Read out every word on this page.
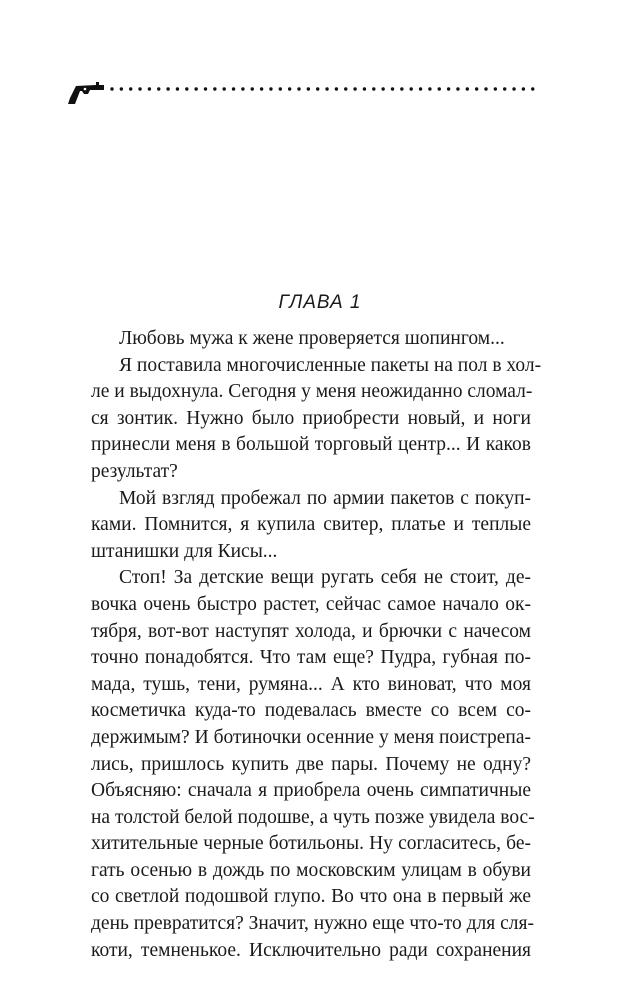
ГЛАВА 1
Любовь мужа к жене проверяется шопингом...
Я поставила многочисленные пакеты на пол в хол-
ле и выдохнула. Сегодня у меня неожиданно сломал-
ся зонтик. Нужно было приобрести новый, и ноги
принесли меня в большой торговый центр... И каков
результат?
Мой взгляд пробежал по армии пакетов с покуп-
ками. Помнится, я купила свитер, платье и теплые
штанишки для Кисы...
Стоп! За детские вещи ругать себя не стоит, де-
вочка очень быстро растет, сейчас самое начало ок-
тября, вот-вот наступят холода, и брючки с начесом
точно понадобятся. Что там еще? Пудра, губная по-
мада, тушь, тени, румяна... А кто виноват, что моя
косметичка куда-то подевалась вместе со всем со-
держимым? И ботиночки осенние у меня поистрепа-
лись, пришлось купить две пары. Почему не одну?
Объясняю: сначала я приобрела очень симпатичные
на толстой белой подошве, а чуть позже увидела вос-
хитительные черные ботильоны. Ну согласитесь, бе-
гать осенью в дождь по московским улицам в обуви
со светлой подошвой глупо. Во что она в первый же
день превратится? Значит, нужно еще что-то для сля-
коти, темненькое. Исключительно ради сохранения
